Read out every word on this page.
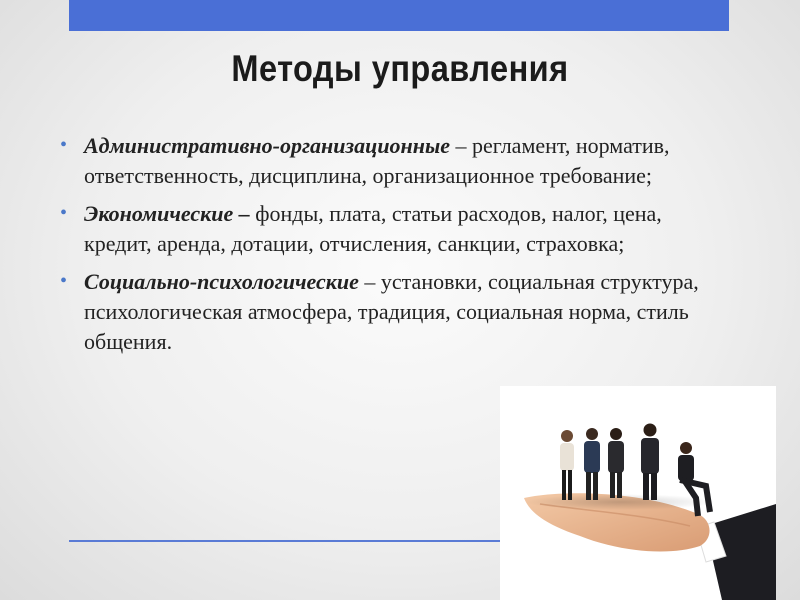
Методы управления
• Административно-организационные – регламент, норматив, ответственность, дисциплина, организационное требование;
• Экономические – фонды, плата, статьи расходов, налог, цена, кредит, аренда, дотации, отчисления, санкции, страховка;
• Социально-психологические – установки, социальная структура, психологическая атмосфера, традиция, социальная норма, стиль общения.
